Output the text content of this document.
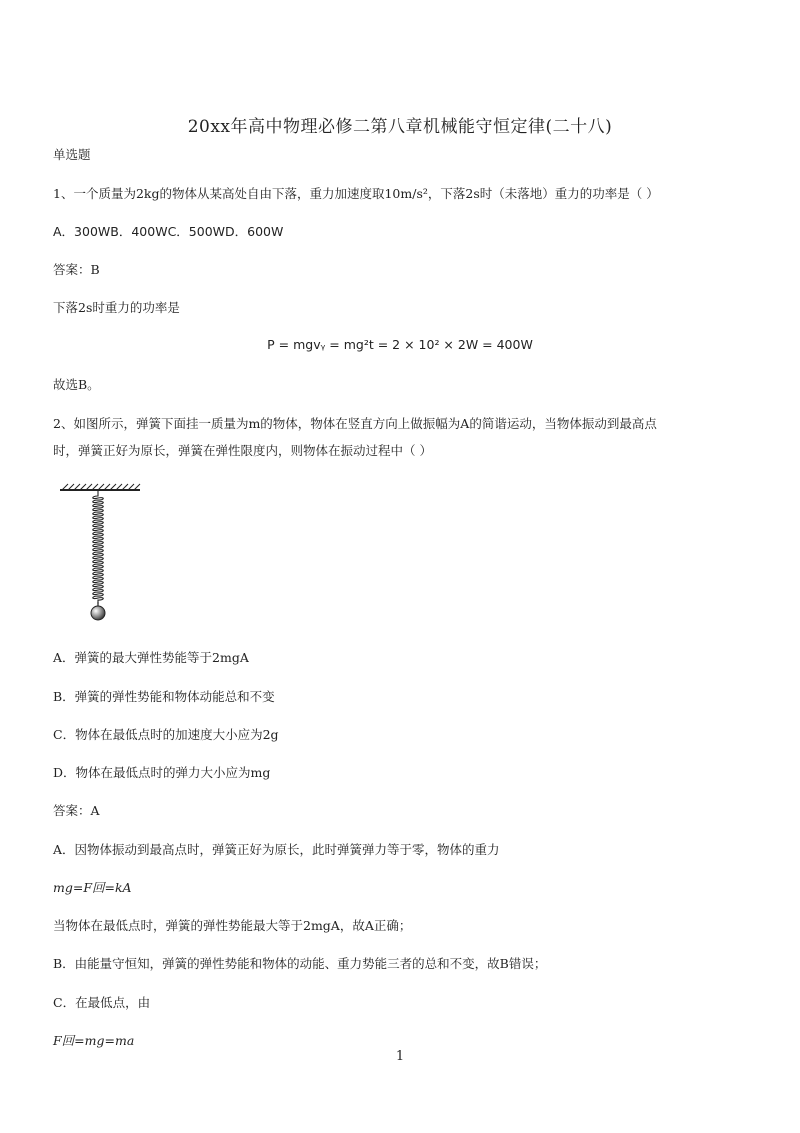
20xx年高中物理必修二第八章机械能守恒定律(二十八)
单选题
1、一个质量为2kg的物体从某高处自由下落，重力加速度取10m/s²，下落2s时（未落地）重力的功率是（ ）
A．300WB．400WC．500WD．600W
答案：B
下落2s时重力的功率是
P = mgvᵧ = mg²t = 2 × 10² × 2W = 400W
故选B。
2、如图所示，弹簧下面挂一质量为m的物体，物体在竖直方向上做振幅为A的简谐运动，当物体振动到最高点
时，弹簧正好为原长，弹簧在弹性限度内，则物体在振动过程中（ ）
A．弹簧的最大弹性势能等于2mgA
B．弹簧的弹性势能和物体动能总和不变
C．物体在最低点时的加速度大小应为2g
D．物体在最低点时的弹力大小应为mg
答案：A
A．因物体振动到最高点时，弹簧正好为原长，此时弹簧弹力等于零，物体的重力
mg=F回=kA
当物体在最低点时，弹簧的弹性势能最大等于2mgA，故A正确；
B．由能量守恒知，弹簧的弹性势能和物体的动能、重力势能三者的总和不变，故B错误；
C．在最低点，由
F回=mg=ma
1
